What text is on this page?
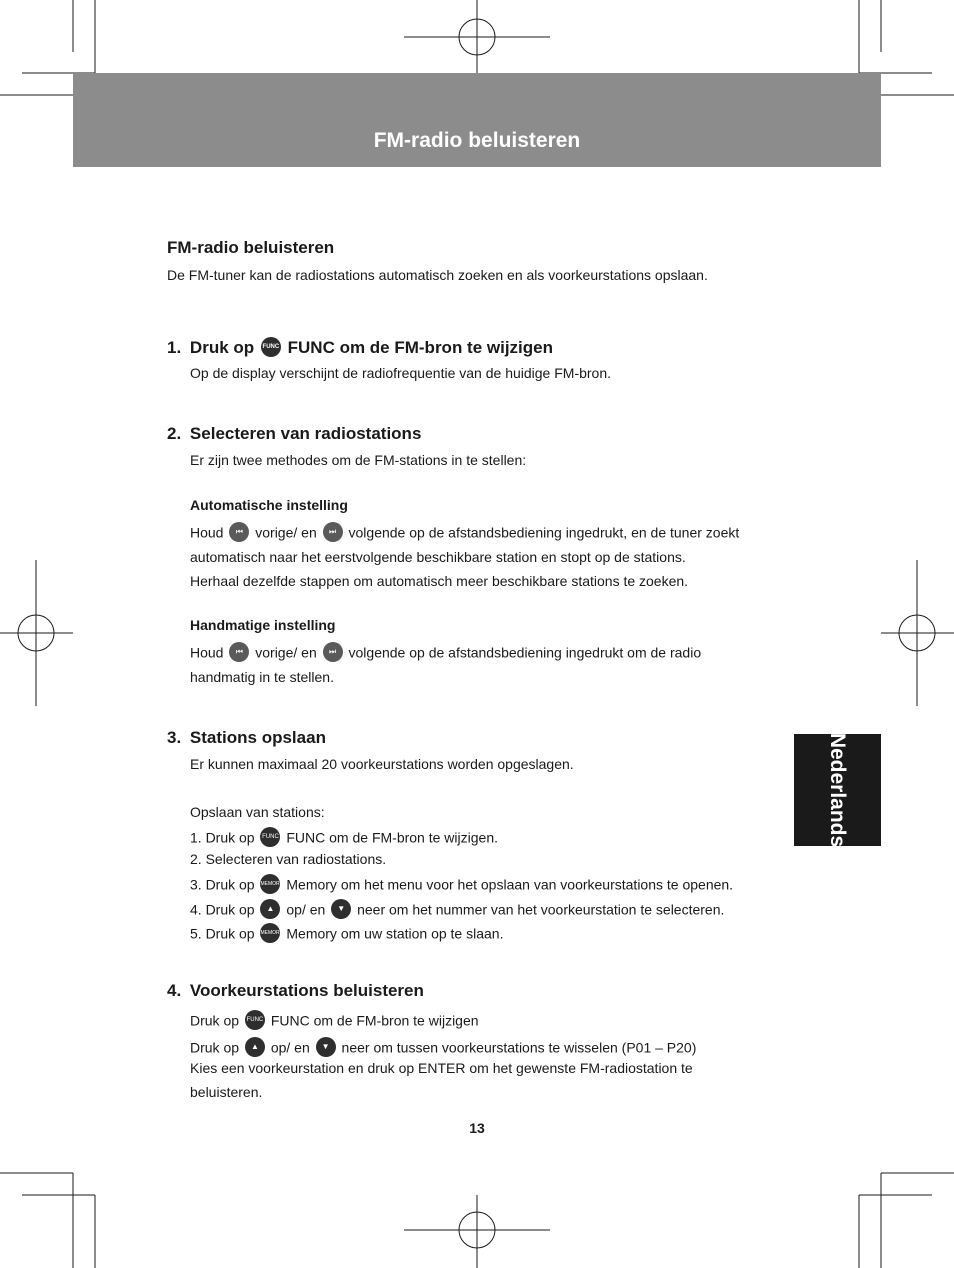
FM-radio beluisteren
Nederlands
FM-radio beluisteren
De FM-tuner kan de radiostations automatisch zoeken en als voorkeurstations opslaan.
1. Druk op FUNC FUNC om de FM-bron te wijzigen
Op de display verschijnt de radiofrequentie van de huidige FM-bron.
2. Selecteren van radiostations
Er zijn twee methodes om de FM-stations in te stellen:
Automatische instelling
Houd ⏮ vorige/ en ⏭ volgende op de afstandsbediening ingedrukt, en de tuner zoekt
automatisch naar het eerstvolgende beschikbare station en stopt op de stations.
Herhaal dezelfde stappen om automatisch meer beschikbare stations te zoeken.
Handmatige instelling
Houd ⏮ vorige/ en ⏭ volgende op de afstandsbediening ingedrukt om de radio
handmatig in te stellen.
3. Stations opslaan
Er kunnen maximaal 20 voorkeurstations worden opgeslagen.
Opslaan van stations:
1. Druk op FUNC FUNC om de FM-bron te wijzigen.
2. Selecteren van radiostations.
3. Druk op MEMORY Memory om het menu voor het opslaan van voorkeurstations te openen.
4. Druk op ▲ op/ en ▼ neer om het nummer van het voorkeurstation te selecteren.
5. Druk op MEMORY Memory om uw station op te slaan.
4. Voorkeurstations beluisteren
Druk op FUNC FUNC om de FM-bron te wijzigen
Druk op ▲ op/ en ▼ neer om tussen voorkeurstations te wisselen (P01 – P20)
Kies een voorkeurstation en druk op ENTER om het gewenste FM-radiostation te
beluisteren.
13
